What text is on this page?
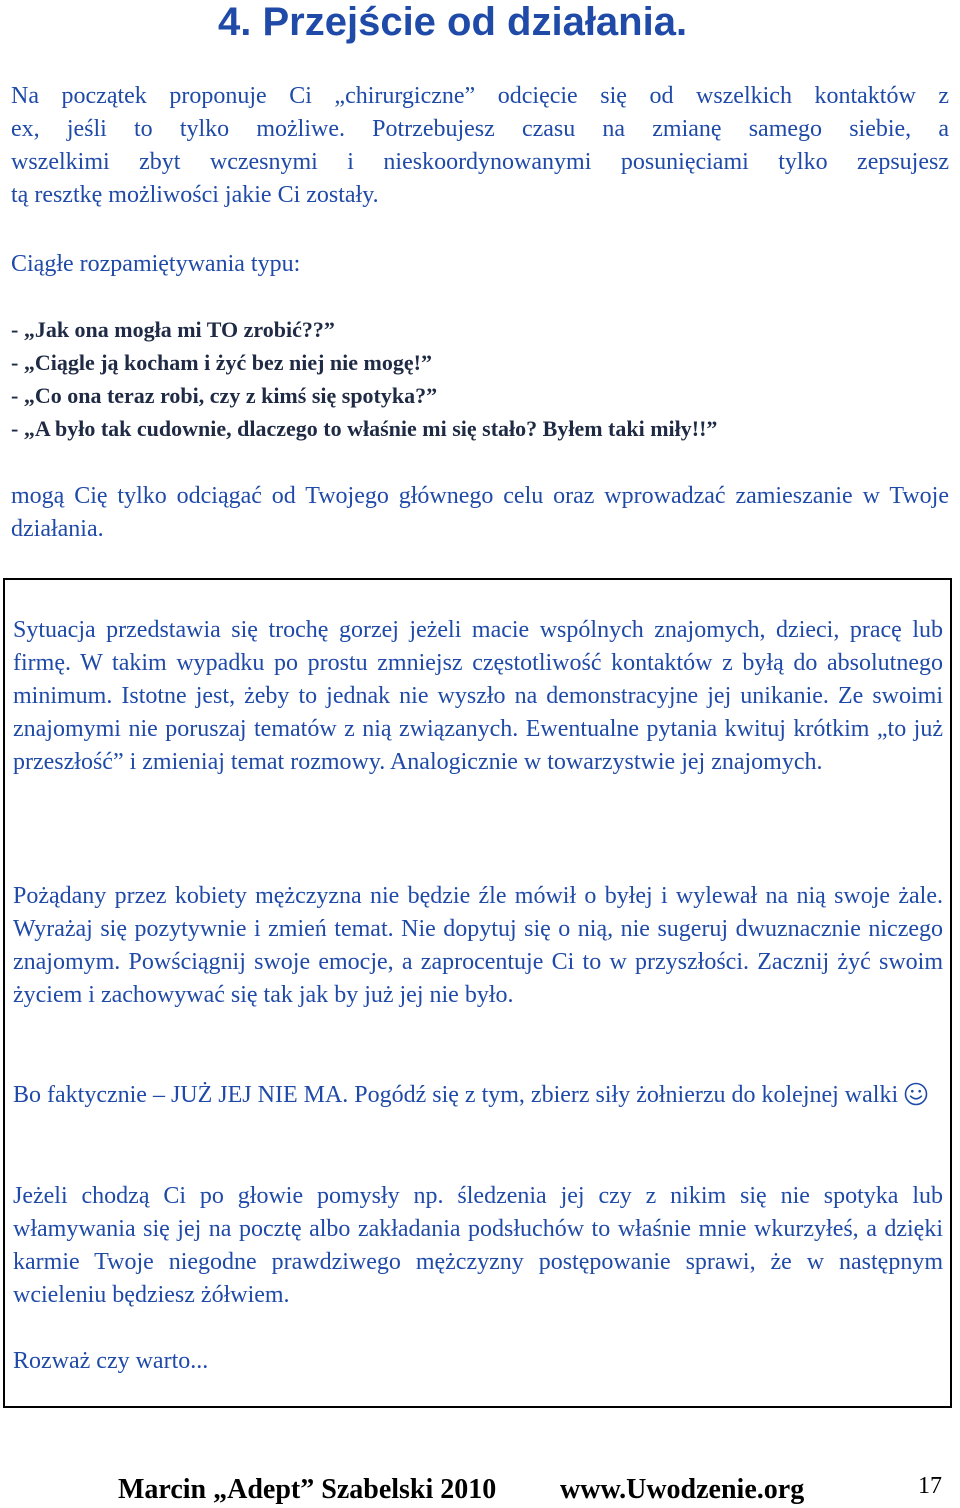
4. Przejście od działania.

Na początek proponuje Ci „chirurgiczne” odcięcie się od wszelkich kontaktów z

ex, jeśli to tylko możliwe. Potrzebujesz czasu na zmianę samego siebie, a

wszelkimi zbyt wczesnymi i nieskoordynowanymi posunięciami tylko zepsujesz

tą resztkę możliwości jakie Ci zostały.

Ciągłe rozpamiętywania typu:

- „Jak ona mogła mi TO zrobić??”
- „Ciągle ją kocham i żyć bez niej nie mogę!”
- „Co ona teraz robi, czy z kimś się spotyka?”
- „A było tak cudownie, dlaczego to właśnie mi się stało? Byłem taki miły!!”

mogą Cię tylko odciągać od Twojego głównego celu oraz wprowadzać zamieszanie w Twoje działania.

Sytuacja przedstawia się trochę gorzej jeżeli macie wspólnych znajomych, dzieci, pracę lub firmę. W takim wypadku po prostu zmniejsz częstotliwość kontaktów z byłą do absolutnego minimum. Istotne jest, żeby to jednak nie wyszło na demonstracyjne jej unikanie. Ze swoimi znajomymi nie poruszaj tematów z nią związanych. Ewentualne pytania kwituj krótkim „to już przeszłość” i zmieniaj temat rozmowy. Analogicznie w towarzystwie jej znajomych.

Pożądany przez kobiety mężczyzna nie będzie źle mówił o byłej i wylewał na nią swoje żale. Wyrażaj się pozytywnie i zmień temat. Nie dopytuj się o nią, nie sugeruj dwuznacznie niczego znajomym. Powściągnij swoje emocje, a zaprocentuje Ci to w przyszłości. Zacznij żyć swoim życiem i zachowywać się tak jak by już jej nie było.

Bo faktycznie – JUŻ JEJ NIE MA. Pogódź się z tym, zbierz siły żołnierzu do kolejnej walki

Jeżeli chodzą Ci po głowie pomysły np. śledzenia jej czy z nikim się nie spotyka lub włamywania się jej na pocztę albo zakładania podsłuchów to właśnie mnie wkurzyłeś, a dzięki karmie Twoje niegodne prawdziwego mężczyzny postępowanie sprawi, że w następnym wcieleniu będziesz żółwiem.

Rozważ czy warto...

Marcin „Adept” Szabelski 2010 www.Uwodzenie.org	17
